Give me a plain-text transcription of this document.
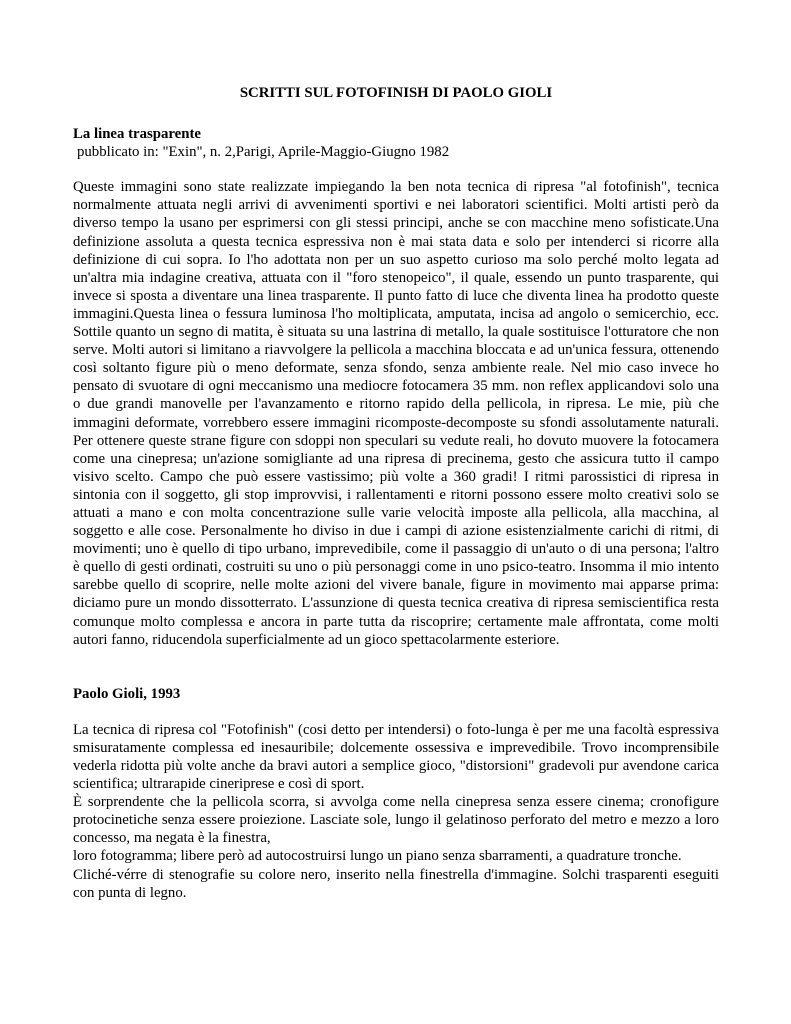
SCRITTI SUL FOTOFINISH DI PAOLO GIOLI

La linea trasparente

pubblicato in: "Exin", n. 2,Parigi, Aprile-Maggio-Giugno 1982

Queste immagini sono state realizzate impiegando la ben nota tecnica di ripresa "al fotofinish", tecnica normalmente attuata negli arrivi di avvenimenti sportivi e nei laboratori scientifici. Molti artisti però da diverso tempo la usano per esprimersi con gli stessi principi, anche se con macchine meno sofisticate.Una definizione assoluta a questa tecnica espressiva non è mai stata data e solo per intenderci si ricorre alla definizione di cui sopra. Io l'ho adottata non per un suo aspetto curioso ma solo perché molto legata ad un'altra mia indagine creativa, attuata con il "foro stenopeico", il quale, essendo un punto trasparente, qui invece si sposta a diventare una linea trasparente. Il punto fatto di luce che diventa linea ha prodotto queste immagini.Questa linea o fessura luminosa l'ho moltiplicata, amputata, incisa ad angolo o semicerchio, ecc. Sottile quanto un segno di matita, è situata su una lastrina di metallo, la quale sostituisce l'otturatore che non serve. Molti autori si limitano a riavvolgere la pellicola a macchina bloccata e ad un'unica fessura, ottenendo così soltanto figure più o meno deformate, senza sfondo, senza ambiente reale. Nel mio caso invece ho pensato di svuotare di ogni meccanismo una mediocre fotocamera 35 mm. non reflex applicandovi solo una o due grandi manovelle per l'avanzamento e ritorno rapido della pellicola, in ripresa. Le mie, più che immagini deformate, vorrebbero essere immagini ricomposte-decomposte su sfondi assolutamente naturali. Per ottenere queste strane figure con sdoppi non speculari su vedute reali, ho dovuto muovere la fotocamera come una cinepresa; un'azione somigliante ad una ripresa di precinema, gesto che assicura tutto il campo visivo scelto. Campo che può essere vastissimo; più volte a 360 gradi! I ritmi parossistici di ripresa in sintonia con il soggetto, gli stop improvvisi, i rallentamenti e ritorni possono essere molto creativi solo se attuati a mano e con molta concentrazione sulle varie velocità imposte alla pellicola, alla macchina, al soggetto e alle cose. Personalmente ho diviso in due i campi di azione esistenzialmente carichi di ritmi, di movimenti; uno è quello di tipo urbano, imprevedibile, come il passaggio di un'auto o di una persona; l'altro è quello di gesti ordinati, costruiti su uno o più personaggi come in uno psico-teatro. Insomma il mio intento sarebbe quello di scoprire, nelle molte azioni del vivere banale, figure in movimento mai apparse prima: diciamo pure un mondo dissotterrato. L'assunzione di questa tecnica creativa di ripresa semiscientifica resta comunque molto complessa e ancora in parte tutta da riscoprire; certamente male affrontata, come molti autori fanno, riducendola superficialmente ad un gioco spettacolarmente esteriore.

Paolo Gioli, 1993

La tecnica di ripresa col "Fotofinish" (cosi detto per intendersi) o foto-lunga è per me una facoltà espressiva smisuratamente complessa ed inesauribile; dolcemente ossessiva e imprevedibile. Trovo incomprensibile vederla ridotta più volte anche da bravi autori a semplice gioco, "distorsioni" gradevoli pur avendone carica scientifica; ultrarapide cineriprese e così di sport.

È sorprendente che la pellicola scorra, si avvolga come nella cinepresa senza essere cinema; cronofigure protocinetiche senza essere proiezione. Lasciate sole, lungo il gelatinoso perforato del metro e mezzo a loro concesso, ma negata è la finestra,

loro fotogramma; libere però ad autocostruirsi lungo un piano senza sbarramenti, a quadrature tronche.

Cliché-vérre di stenografie su colore nero, inserito nella finestrella d'immagine. Solchi trasparenti eseguiti con punta di legno.
